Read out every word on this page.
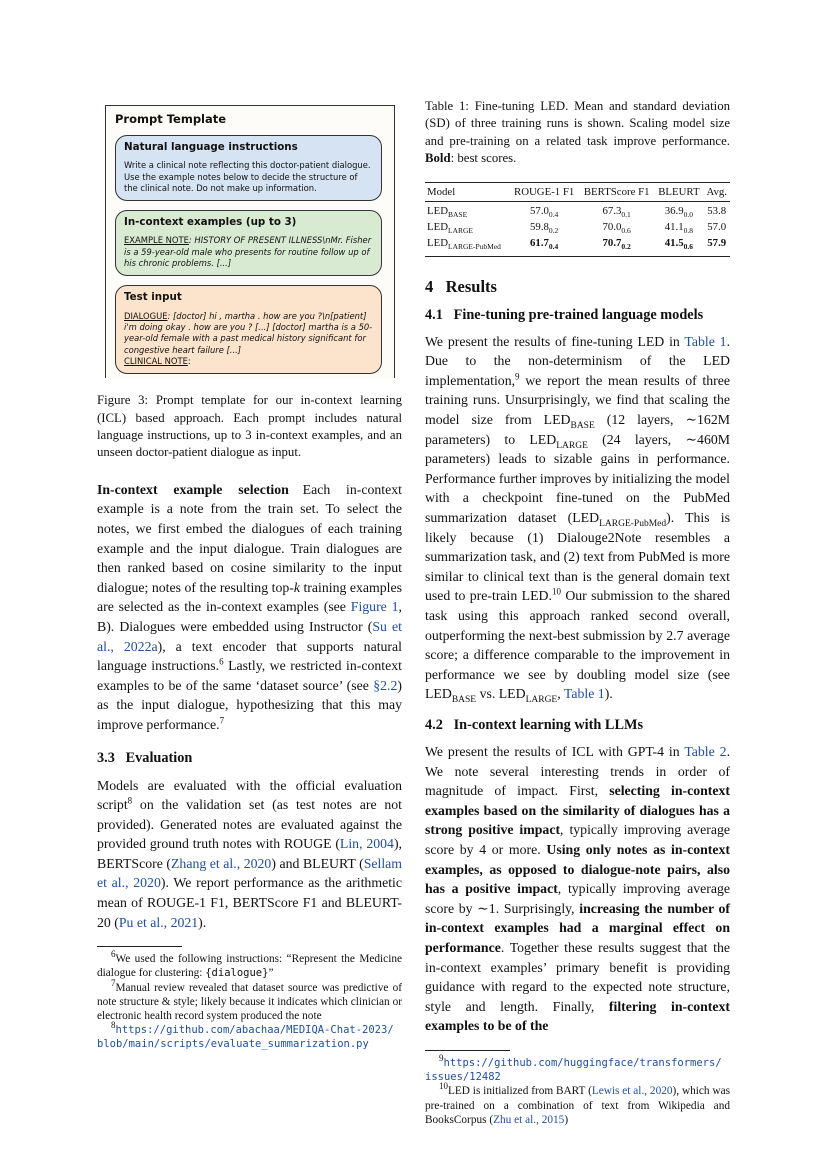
Prompt Template
Natural language instructions
Write a clinical note reflecting this doctor-patient dialogue. Use the example notes below to decide the structure of the clinical note. Do not make up information.
In-context examples (up to 3)
EXAMPLE NOTE: HISTORY OF PRESENT ILLNESS\nMr. Fisher is a 59-year-old male who presents for routine follow up of his chronic problems. [...]
Test input
DIALOGUE: [doctor] hi , martha . how are you ?\n[patient] i'm doing okay . how are you ? [...] [doctor] martha is a 50-year-old female with a past medical history significant for congestive heart failure [...]
CLINICAL NOTE:

Figure 3: Prompt template for our in-context learning (ICL) based approach. Each prompt includes natural language instructions, up to 3 in-context examples, and an unseen doctor-patient dialogue as input.

In-context example selection Each in-context example is a note from the train set. To select the notes, we first embed the dialogues of each training example and the input dialogue. Train dialogues are then ranked based on cosine similarity to the input dialogue; notes of the resulting top-k training examples are selected as the in-context examples (see Figure 1, B). Dialogues were embedded using Instructor (Su et al., 2022a), a text encoder that supports natural language instructions.$^6$ Lastly, we restricted in-context examples to be of the same ‘dataset source’ (see §2.2) as the input dialogue, hypothesizing that this may improve performance.$^7$

3.3 Evaluation

Models are evaluated with the official evaluation script$^8$ on the validation set (as test notes are not provided). Generated notes are evaluated against the provided ground truth notes with ROUGE (Lin, 2004), BERTScore (Zhang et al., 2020) and BLEURT (Sellam et al., 2020). We report performance as the arithmetic mean of ROUGE-1 F1, BERTScore F1 and BLEURT-20 (Pu et al., 2021).

$^6$We used the following instructions: “Represent the Medicine dialogue for clustering: {dialogue}”

$^7$Manual review revealed that dataset source was predictive of note structure & style; likely because it indicates which clinician or electronic health record system produced the note

$^8$https://github.com/abachaa/MEDIQA-Chat-2023/ blob/main/scripts/evaluate_summarization.py

Table 1: Fine-tuning LED. Mean and standard deviation (SD) of three training runs is shown. Scaling model size and pre-training on a related task improve performance. Bold: best scores.

Model	ROUGE-1 F1	BERTScore F1	BLEURT	Avg.
$LED_{BASE}$	$57.0_{0.4}$	$67.3_{0.1}$	$36.9_{0.0}$	53.8
$LED_{LARGE}$	$59.8_{0.2}$	$70.0_{0.6}$	$41.1_{0.8}$	57.0
$LED_{LARGE-PubMed}$	$61.7_{0.4}$	$70.7_{0.2}$	$41.5_{0.6}$	57.9

4 Results

4.1 Fine-tuning pre-trained language models

We present the results of fine-tuning LED in Table 1. Due to the non-determinism of the LED implementation,$^9$ we report the mean results of three training runs. Unsurprisingly, we find that scaling the model size from $LED_{BASE}$ (12 layers, ∼162M parameters) to $LED_{LARGE}$ (24 layers, ∼460M parameters) leads to sizable gains in performance. Performance further improves by initializing the model with a checkpoint fine-tuned on the PubMed summarization dataset $(LED_{LARGE-PubMed})$. This is likely because (1) Dialouge2Note resembles a summarization task, and (2) text from PubMed is more similar to clinical text than is the general domain text used to pre-train LED.$^{10}$ Our submission to the shared task using this approach ranked second overall, outperforming the next-best submission by 2.7 average score; a difference comparable to the improvement in performance we see by doubling model size (see $LED_{BASE}$ vs. $LED_{LARGE}$, Table 1).

4.2 In-context learning with LLMs

We present the results of ICL with GPT-4 in Table 2. We note several interesting trends in order of magnitude of impact. First, selecting in-context examples based on the similarity of dialogues has a strong positive impact, typically improving average score by 4 or more. Using only notes as in-context examples, as opposed to dialogue-note pairs, also has a positive impact, typically improving average score by ∼1. Surprisingly, increasing the number of in-context examples had a marginal effect on performance. Together these results suggest that the in-context examples’ primary benefit is providing guidance with regard to the expected note structure, style and length. Finally, filtering in-context examples to be of the

$^9$https://github.com/huggingface/transformers/ issues/12482

$^{10}$LED is initialized from BART (Lewis et al., 2020), which was pre-trained on a combination of text from Wikipedia and BooksCorpus (Zhu et al., 2015)
